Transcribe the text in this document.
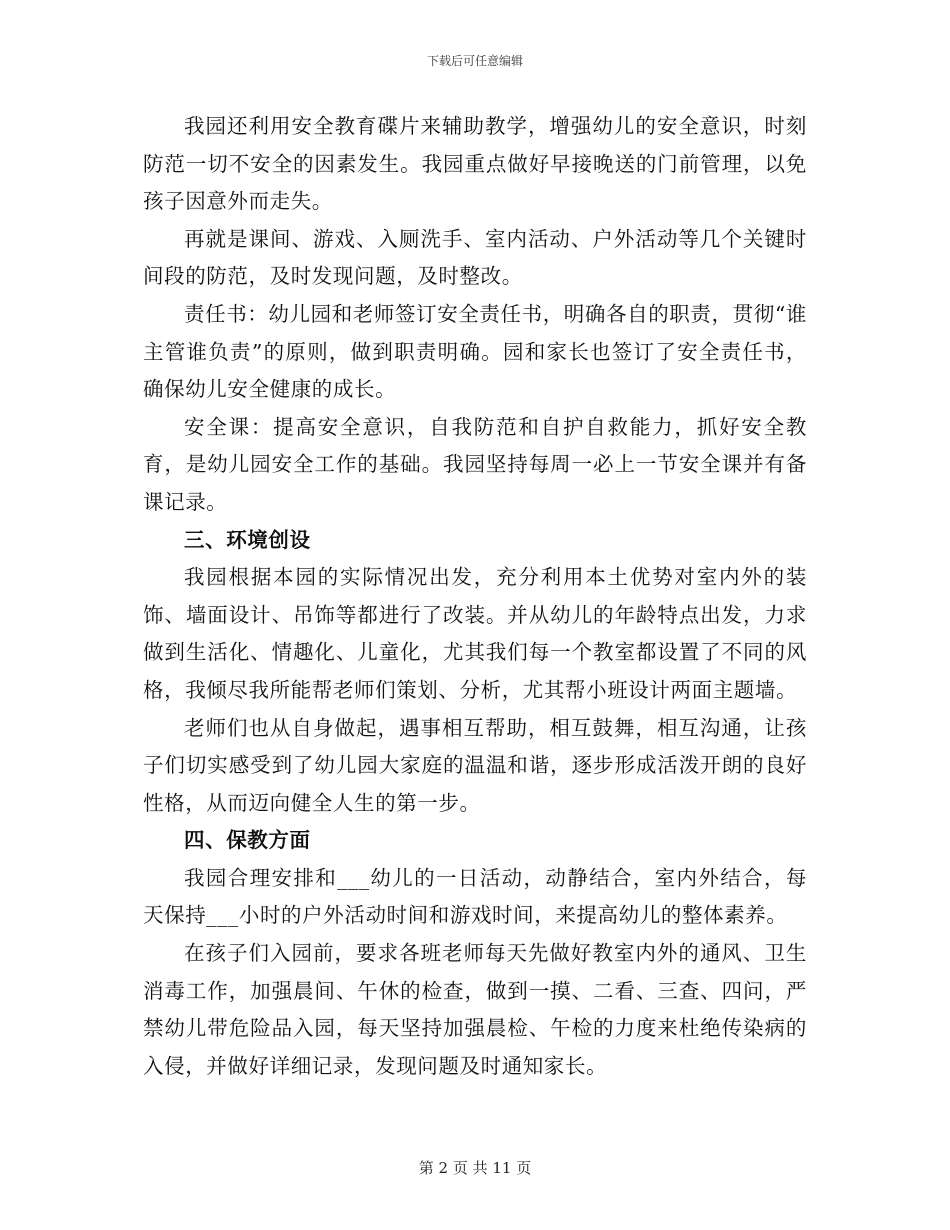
下载后可任意编辑

我园还利用安全教育碟片来辅助教学，增强幼儿的安全意识，时刻防范一切不安全的因素发生。我园重点做好早接晚送的门前管理，以免孩子因意外而走失。

再就是课间、游戏、入厕洗手、室内活动、户外活动等几个关键时间段的防范，及时发现问题，及时整改。

责任书：幼儿园和老师签订安全责任书，明确各自的职责，贯彻“谁主管谁负责”的原则，做到职责明确。园和家长也签订了安全责任书，确保幼儿安全健康的成长。

安全课：提高安全意识，自我防范和自护自救能力，抓好安全教育，是幼儿园安全工作的基础。我园坚持每周一必上一节安全课并有备课记录。

三、环境创设

我园根据本园的实际情况出发，充分利用本土优势对室内外的装饰、墙面设计、吊饰等都进行了改装。并从幼儿的年龄特点出发，力求做到生活化、情趣化、儿童化，尤其我们每一个教室都设置了不同的风格，我倾尽我所能帮老师们策划、分析，尤其帮小班设计两面主题墙。

老师们也从自身做起，遇事相互帮助，相互鼓舞，相互沟通，让孩子们切实感受到了幼儿园大家庭的温温和谐，逐步形成活泼开朗的良好性格，从而迈向健全人生的第一步。

四、保教方面

我园合理安排和___幼儿的一日活动，动静结合，室内外结合，每天保持___小时的户外活动时间和游戏时间，来提高幼儿的整体素养。

在孩子们入园前，要求各班老师每天先做好教室内外的通风、卫生消毒工作，加强晨间、午休的检查，做到一摸、二看、三查、四问，严禁幼儿带危险品入园，每天坚持加强晨检、午检的力度来杜绝传染病的入侵，并做好详细记录，发现问题及时通知家长。

第 2 页 共 11 页
